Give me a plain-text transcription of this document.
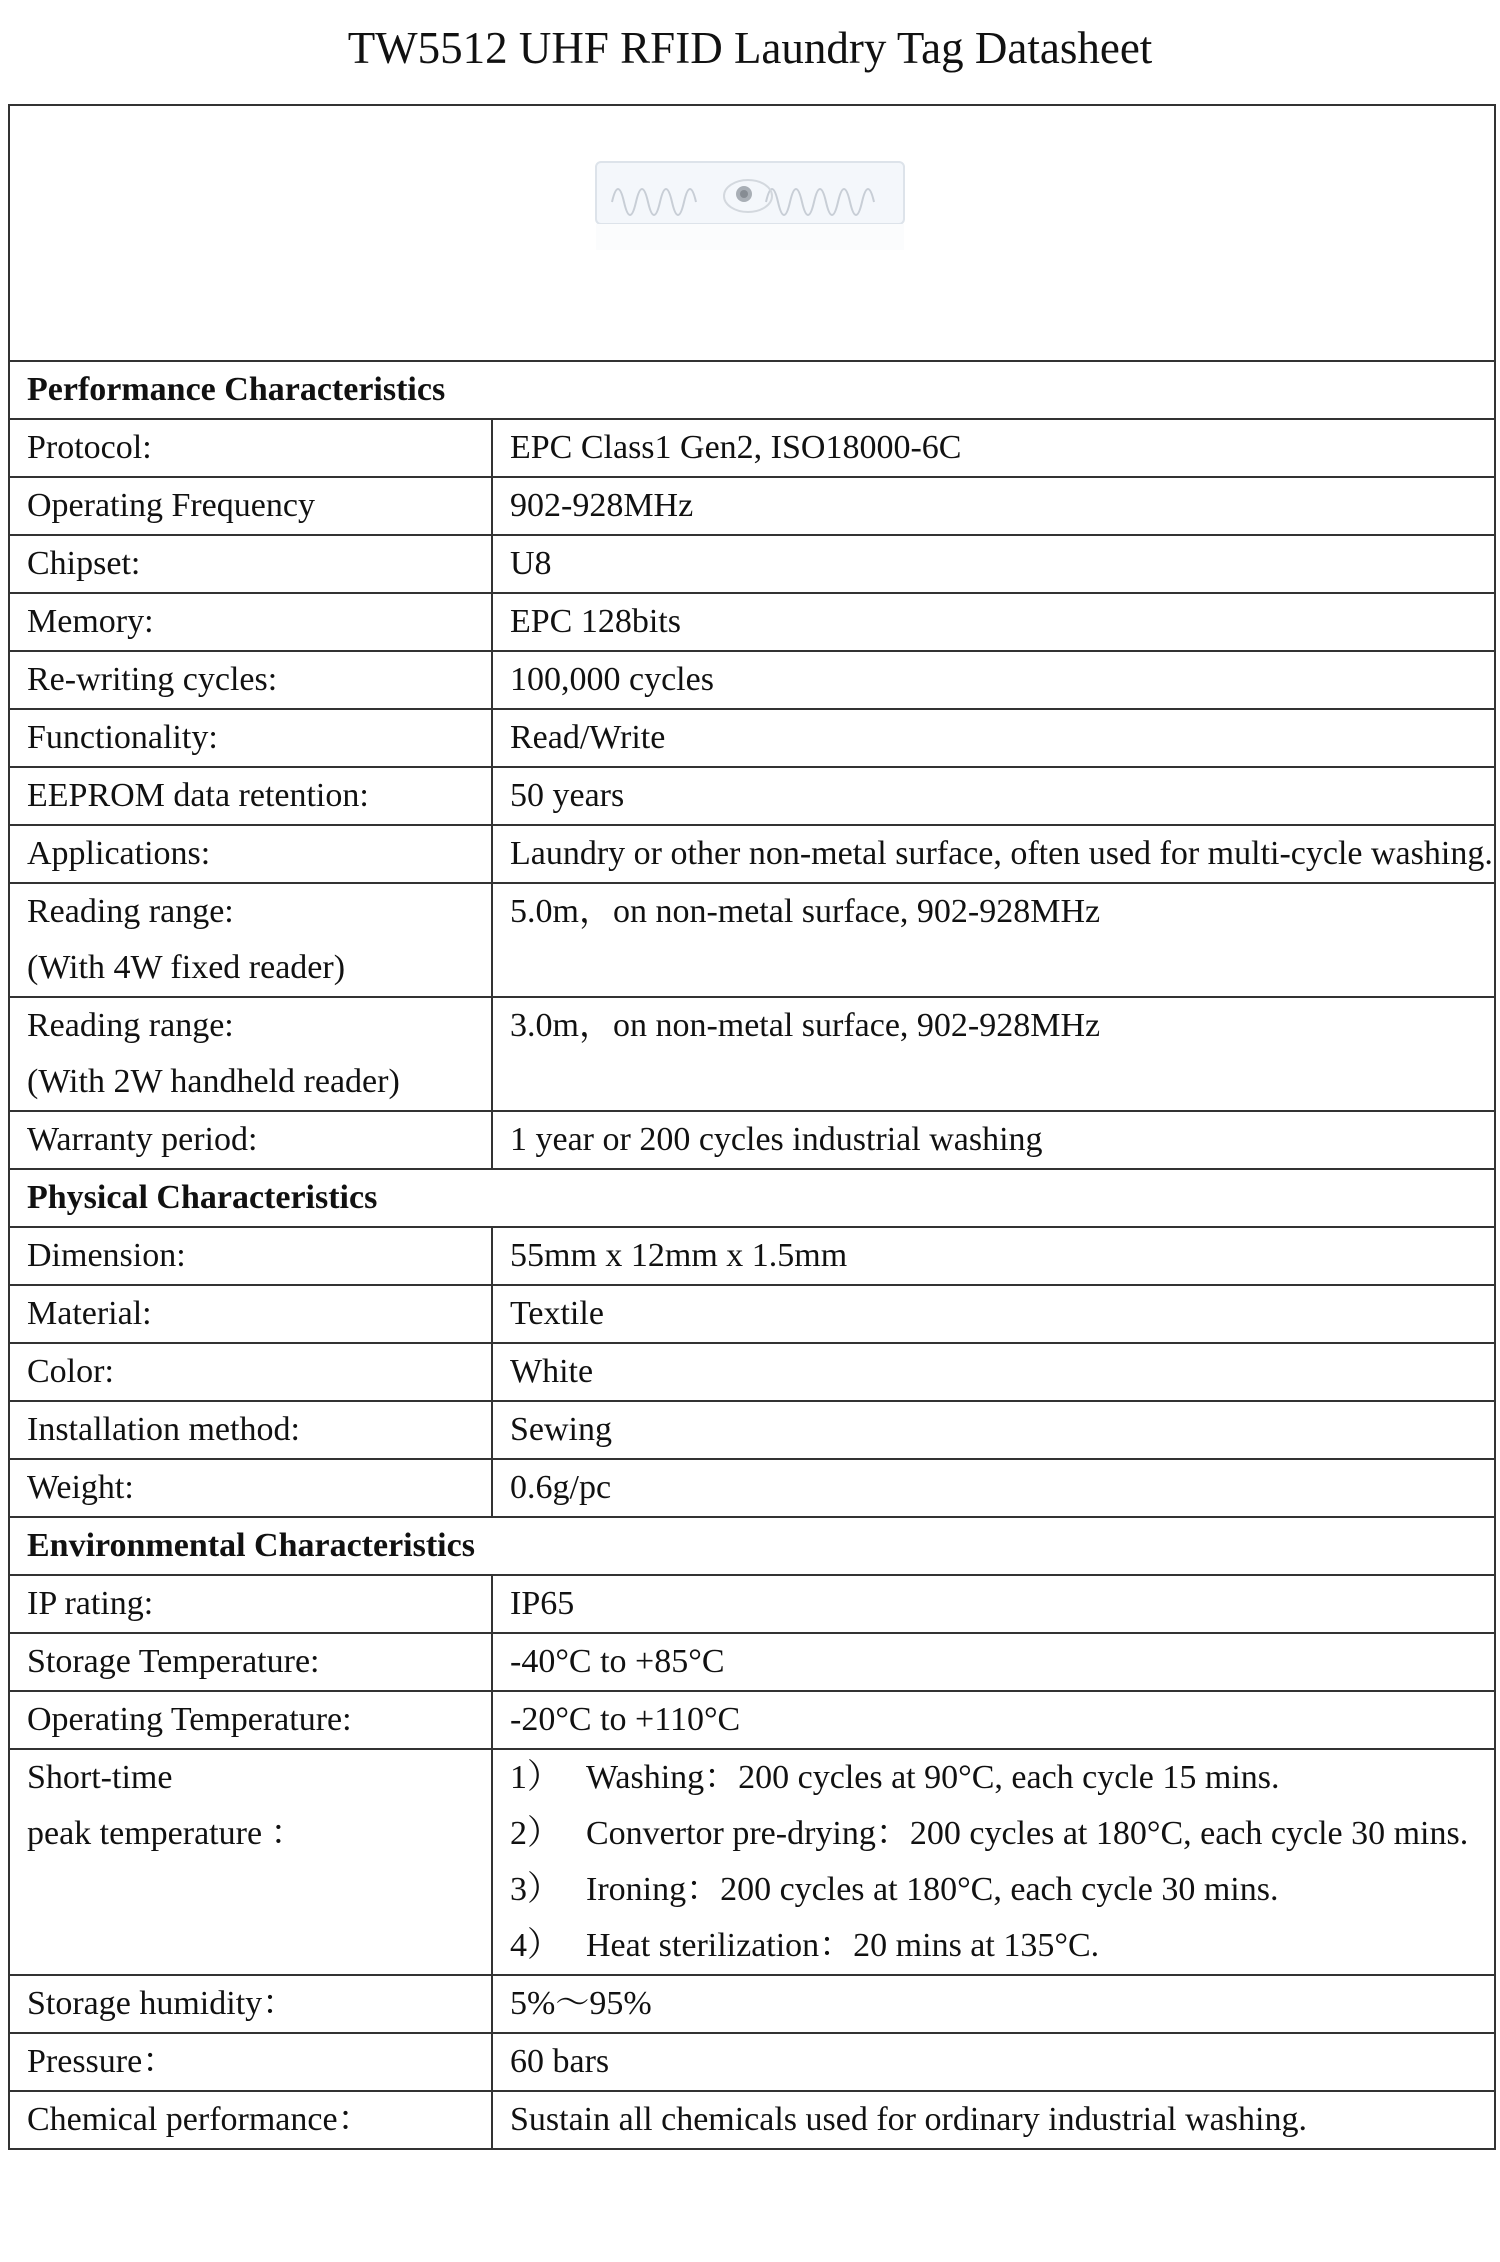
TW5512 UHF RFID Laundry Tag Datasheet

Performance Characteristics	
Protocol:	EPC Class1 Gen2, ISO18000-6C
Operating Frequency	902-928MHz
Chipset:	U8
Memory:	EPC 128bits
Re-writing cycles:	100,000 cycles
Functionality:	Read/Write
EEPROM data retention:	50 years
Applications:	Laundry or other non-metal surface, often used for multi-cycle washing.

Reading range:
(With 4W fixed reader)	5.0m，on non-metal surface, 902-928MHz

Reading range:
(With 2W handheld reader)	3.0m，on non-metal surface, 902-928MHz
Warranty period:	1 year or 200 cycles industrial washing
Physical Characteristics	
Dimension:	55mm x 12mm x 1.5mm
Material:	Textile
Color:	White
Installation method:	Sewing
Weight:	0.6g/pc
Environmental Characteristics	
IP rating:	IP65
Storage Temperature:	-40°C to +85°C
Operating Temperature:	-20°C to +110°C

Short-time
peak temperature ：	1） Washing：200 cycles at 90°C, each cycle 15 mins.
2） Convertor pre-drying：200 cycles at 180°C, each cycle 30 mins.
3） Ironing：200 cycles at 180°C, each cycle 30 mins.
4） Heat sterilization：20 mins at 135°C.

Storage humidity：	5%～95%
Pressure：	60 bars
Chemical performance：	Sustain all chemicals used for ordinary industrial washing.
